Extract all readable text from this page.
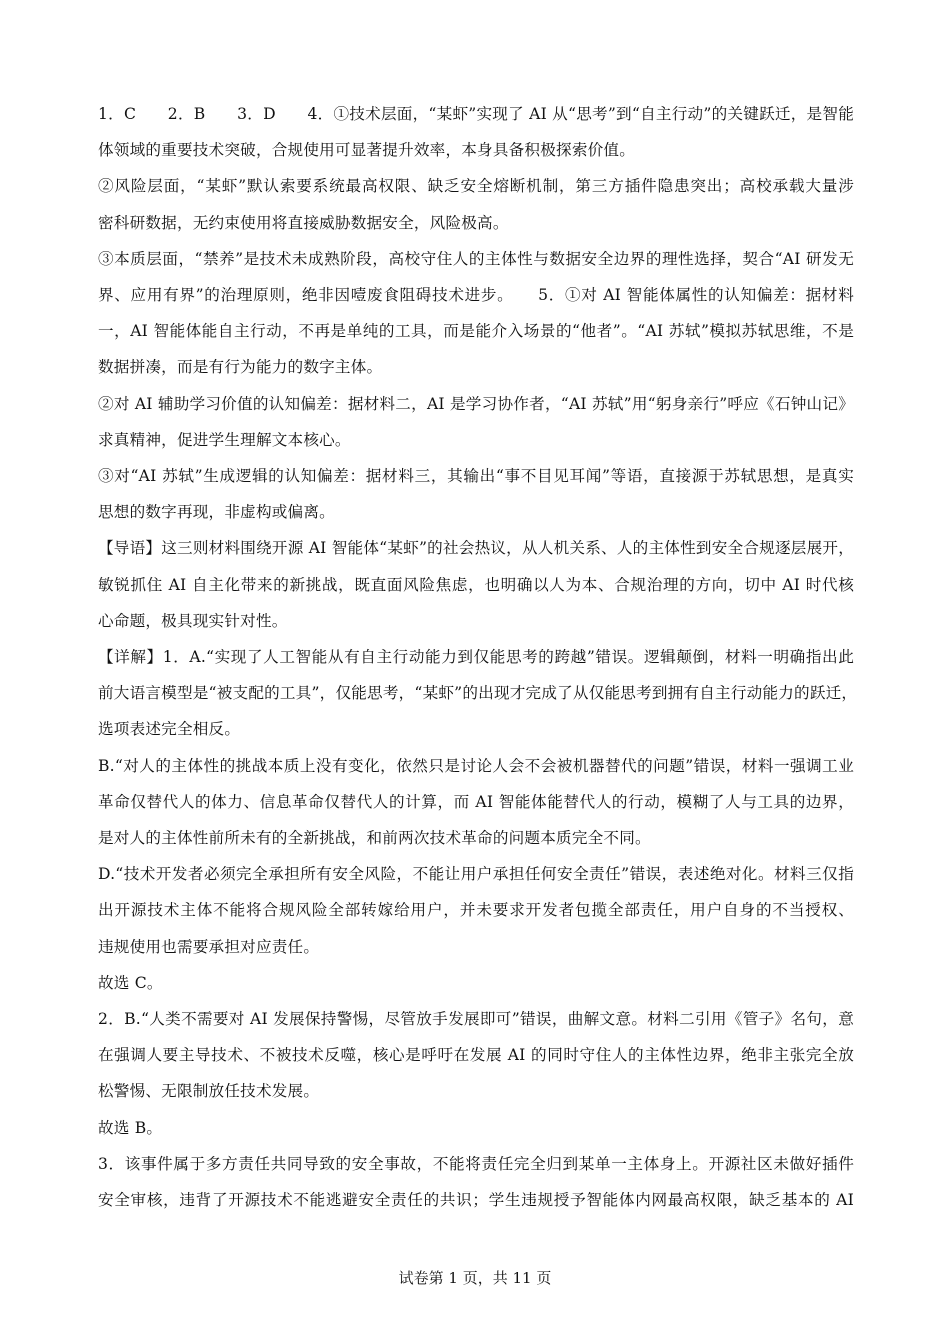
1．C　　2．B　　3．D　　4．①技术层面，“某虾”实现了 AI 从“思考”到“自主行动”的关键跃迁，是智能
体领域的重要技术突破，合规使用可显著提升效率，本身具备积极探索价值。
②风险层面，“某虾”默认索要系统最高权限、缺乏安全熔断机制，第三方插件隐患突出；高校承载大量涉
密科研数据，无约束使用将直接威胁数据安全，风险极高。
③本质层面，“禁养”是技术未成熟阶段，高校守住人的主体性与数据安全边界的理性选择，契合“AI 研发无
界、应用有界”的治理原则，绝非因噎废食阻碍技术进步。　　5．①对 AI 智能体属性的认知偏差：据材料
一，AI 智能体能自主行动，不再是单纯的工具，而是能介入场景的“他者”。“AI 苏轼”模拟苏轼思维，不是
数据拼凑，而是有行为能力的数字主体。
②对 AI 辅助学习价值的认知偏差：据材料二，AI 是学习协作者，“AI 苏轼”用“躬身亲行”呼应《石钟山记》
求真精神，促进学生理解文本核心。
③对“AI 苏轼”生成逻辑的认知偏差：据材料三，其输出“事不目见耳闻”等语，直接源于苏轼思想，是真实
思想的数字再现，非虚构或偏离。
【导语】这三则材料围绕开源 AI 智能体“某虾”的社会热议，从人机关系、人的主体性到安全合规逐层展开，
敏锐抓住 AI 自主化带来的新挑战，既直面风险焦虑，也明确以人为本、合规治理的方向，切中 AI 时代核
心命题，极具现实针对性。
【详解】1．A.“实现了人工智能从有自主行动能力到仅能思考的跨越”错误。逻辑颠倒，材料一明确指出此
前大语言模型是“被支配的工具”，仅能思考，“某虾”的出现才完成了从仅能思考到拥有自主行动能力的跃迁，
选项表述完全相反。
B.“对人的主体性的挑战本质上没有变化，依然只是讨论人会不会被机器替代的问题”错误，材料一强调工业
革命仅替代人的体力、信息革命仅替代人的计算，而 AI 智能体能替代人的行动，模糊了人与工具的边界，
是对人的主体性前所未有的全新挑战，和前两次技术革命的问题本质完全不同。
D.“技术开发者必须完全承担所有安全风险，不能让用户承担任何安全责任”错误，表述绝对化。材料三仅指
出开源技术主体不能将合规风险全部转嫁给用户，并未要求开发者包揽全部责任，用户自身的不当授权、
违规使用也需要承担对应责任。
故选 C。
2．B.“人类不需要对 AI 发展保持警惕，尽管放手发展即可”错误，曲解文意。材料二引用《管子》名句，意
在强调人要主导技术、不被技术反噬，核心是呼吁在发展 AI 的同时守住人的主体性边界，绝非主张完全放
松警惕、无限制放任技术发展。
故选 B。
3．该事件属于多方责任共同导致的安全事故，不能将责任完全归到某单一主体身上。开源社区未做好插件
安全审核，违背了开源技术不能逃避安全责任的共识；学生违规授予智能体内网最高权限，缺乏基本的 AI
试卷第 1 页，共 11 页
